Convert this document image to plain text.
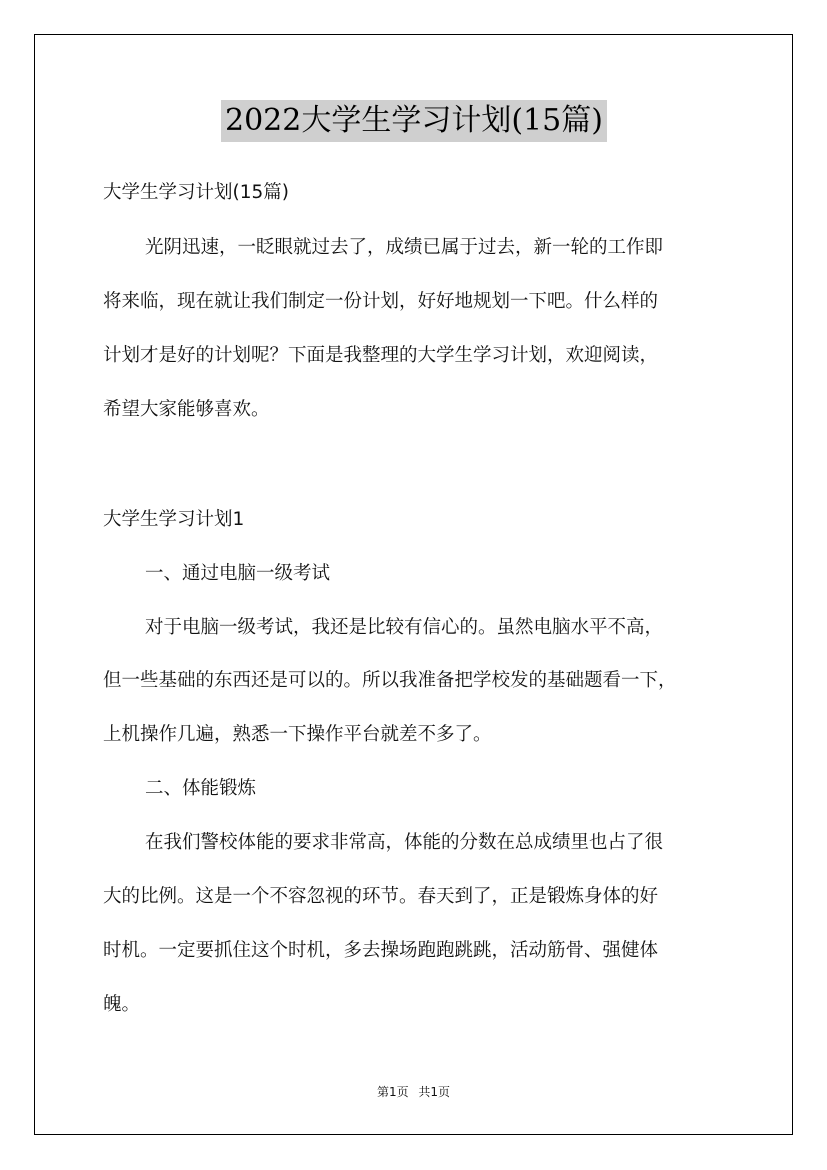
2022大学生学习计划(15篇)

大学生学习计划(15篇)

光阴迅速，一眨眼就过去了，成绩已属于过去，新一轮的工作即

将来临，现在就让我们制定一份计划，好好地规划一下吧。什么样的

计划才是好的计划呢？下面是我整理的大学生学习计划，欢迎阅读，

希望大家能够喜欢。

大学生学习计划1

一、通过电脑一级考试

对于电脑一级考试，我还是比较有信心的。虽然电脑水平不高，

但一些基础的东西还是可以的。所以我准备把学校发的基础题看一下，

上机操作几遍，熟悉一下操作平台就差不多了。

二、体能锻炼

在我们警校体能的要求非常高，体能的分数在总成绩里也占了很

大的比例。这是一个不容忽视的环节。春天到了，正是锻炼身体的好

时机。一定要抓住这个时机，多去操场跑跑跳跳，活动筋骨、强健体

魄。

第1页 共1页
